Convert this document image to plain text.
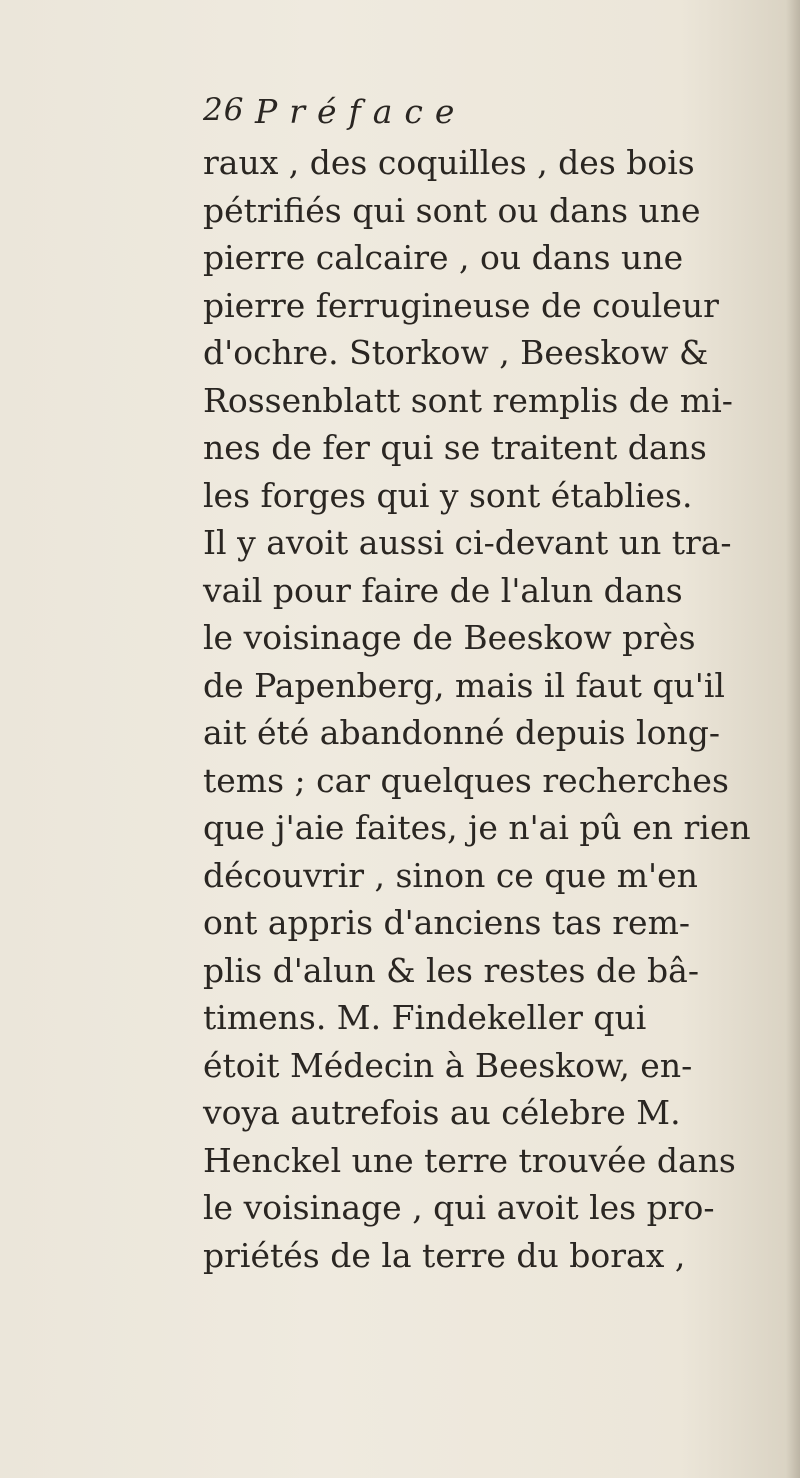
26 Préface
raux , des coquilles , des bois
pétrifiés qui sont ou dans une
pierre calcaire , ou dans une
pierre ferrugineuse de couleur
d'ochre. Storkow , Beeskow &
Rossenblatt sont remplis de mi-
nes de fer qui se traitent dans
les forges qui y sont établies.
Il y avoit aussi ci-devant un tra-
vail pour faire de l'alun dans
le voisinage de Beeskow près
de Papenberg, mais il faut qu'il
ait été abandonné depuis long-
tems ; car quelques recherches
que j'aie faites, je n'ai pû en rien
découvrir , sinon ce que m'en
ont appris d'anciens tas rem-
plis d'alun & les restes de bâ-
timens. M. Findekeller qui
étoit Médecin à Beeskow, en-
voya autrefois au célebre M.
Henckel une terre trouvée dans
le voisinage , qui avoit les pro-
priétés de la terre du borax ,
